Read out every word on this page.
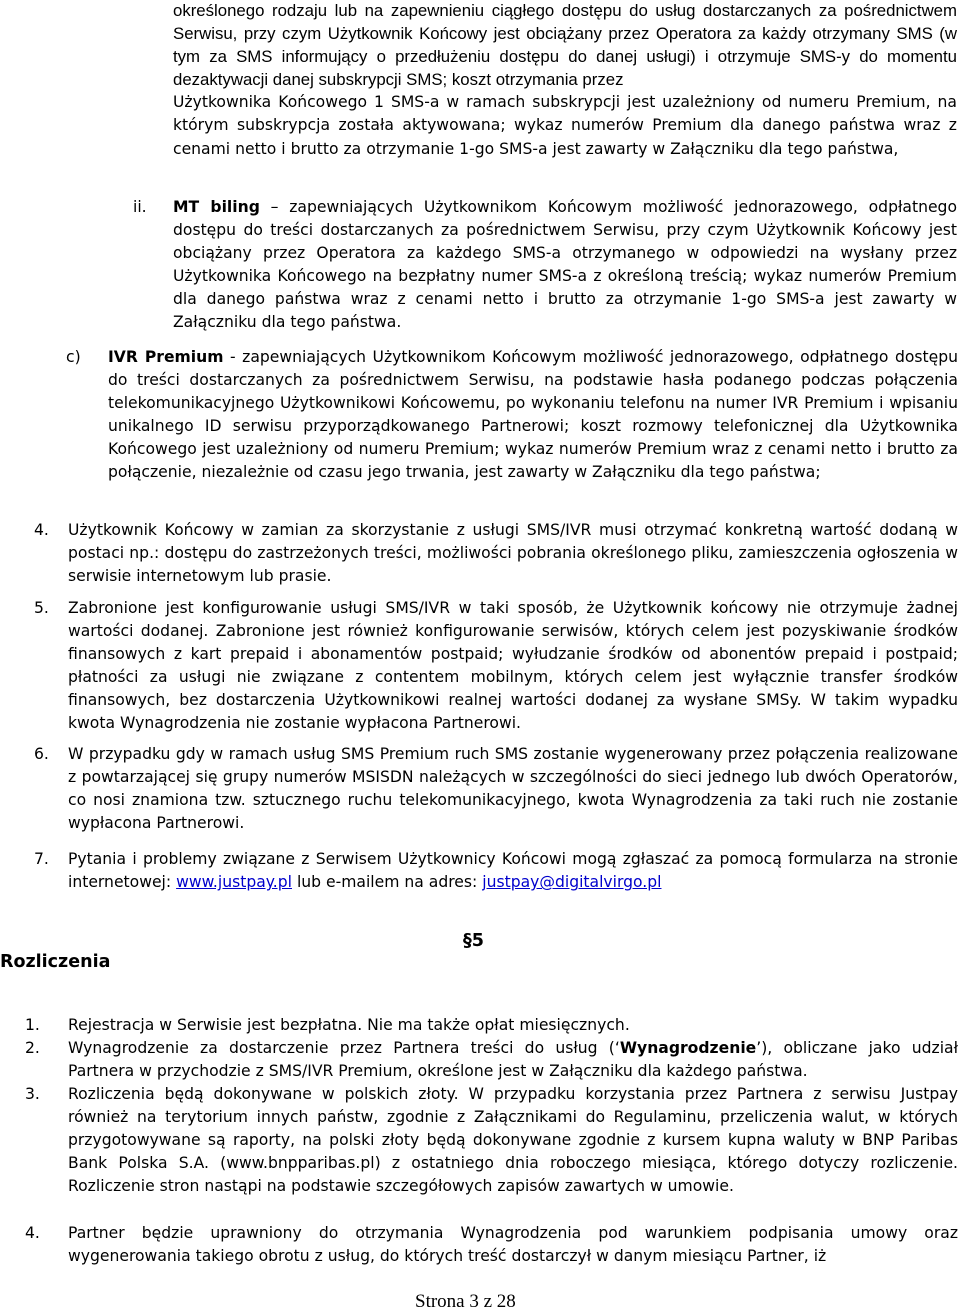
określonego rodzaju lub na zapewnieniu ciągłego dostępu do usług dostarczanych za pośrednictwem Serwisu, przy czym Użytkownik Końcowy jest obciążany przez Operatora za każdy otrzymany SMS (w tym za SMS informujący o przedłużeniu dostępu do danej usługi) i otrzymuje SMS-y do momentu dezaktywacji danej subskrypcji SMS; koszt otrzymania przez

Użytkownika Końcowego 1 SMS-a w ramach subskrypcji jest uzależniony od numeru Premium, na którym subskrypcja została aktywowana; wykaz numerów Premium dla danego państwa wraz z cenami netto i brutto za otrzymanie 1-go SMS-a jest zawarty w Załączniku dla tego państwa,

ii. MT biling – zapewniających Użytkownikom Końcowym możliwość jednorazowego, odpłatnego dostępu do treści dostarczanych za pośrednictwem Serwisu, przy czym Użytkownik Końcowy jest obciążany przez Operatora za każdego SMS-a otrzymanego w odpowiedzi na wysłany przez Użytkownika Końcowego na bezpłatny numer SMS-a z określoną treścią; wykaz numerów Premium dla danego państwa wraz z cenami netto i brutto za otrzymanie 1-go SMS-a jest zawarty w Załączniku dla tego państwa.

c) IVR Premium - zapewniających Użytkownikom Końcowym możliwość jednorazowego, odpłatnego dostępu do treści dostarczanych za pośrednictwem Serwisu, na podstawie hasła podanego podczas połączenia telekomunikacyjnego Użytkownikowi Końcowemu, po wykonaniu telefonu na numer IVR Premium i wpisaniu unikalnego ID serwisu przyporządkowanego Partnerowi; koszt rozmowy telefonicznej dla Użytkownika Końcowego jest uzależniony od numeru Premium; wykaz numerów Premium wraz z cenami netto i brutto za połączenie, niezależnie od czasu jego trwania, jest zawarty w Załączniku dla tego państwa;

4. Użytkownik Końcowy w zamian za skorzystanie z usługi SMS/IVR musi otrzymać konkretną wartość dodaną w postaci np.: dostępu do zastrzeżonych treści, możliwości pobrania określonego pliku, zamieszczenia ogłoszenia w serwisie internetowym lub prasie.

5. Zabronione jest konfigurowanie usługi SMS/IVR w taki sposób, że Użytkownik końcowy nie otrzymuje żadnej wartości dodanej. Zabronione jest również konfigurowanie serwisów, których celem jest pozyskiwanie środków finansowych z kart prepaid i abonamentów postpaid; wyłudzanie środków od abonentów prepaid i postpaid; płatności za usługi nie związane z contentem mobilnym, których celem jest wyłącznie transfer środków finansowych, bez dostarczenia Użytkownikowi realnej wartości dodanej za wysłane SMSy. W takim wypadku kwota Wynagrodzenia nie zostanie wypłacona Partnerowi.

6. W przypadku gdy w ramach usług SMS Premium ruch SMS zostanie wygenerowany przez połączenia realizowane z powtarzającej się grupy numerów MSISDN należących w szczególności do sieci jednego lub dwóch Operatorów, co nosi znamiona tzw. sztucznego ruchu telekomunikacyjnego, kwota Wynagrodzenia za taki ruch nie zostanie wypłacona Partnerowi.

7. Pytania i problemy związane z Serwisem Użytkownicy Końcowi mogą zgłaszać za pomocą formularza na stronie internetowej: www.justpay.pl lub e-mailem na adres: justpay@digitalvirgo.pl

§5
Rozliczenia
1. Rejestracja w Serwisie jest bezpłatna. Nie ma także opłat miesięcznych.

2. Wynagrodzenie za dostarczenie przez Partnera treści do usług (‘Wynagrodzenie’), obliczane jako udział Partnera w przychodzie z SMS/IVR Premium, określone jest w Załączniku dla każdego państwa.

3. Rozliczenia będą dokonywane w polskich złoty. W przypadku korzystania przez Partnera z serwisu Justpay również na terytorium innych państw, zgodnie z Załącznikami do Regulaminu, przeliczenia walut, w których przygotowywane są raporty, na polski złoty będą dokonywane zgodnie z kursem kupna waluty w BNP Paribas Bank Polska S.A. (www.bnpparibas.pl) z ostatniego dnia roboczego miesiąca, którego dotyczy rozliczenie. Rozliczenie stron nastąpi na podstawie szczegółowych zapisów zawartych w umowie.

4. Partner będzie uprawniony do otrzymania Wynagrodzenia pod warunkiem podpisania umowy oraz wygenerowania takiego obrotu z usług, do których treść dostarczył w danym miesiącu Partner, iż

Strona 3 z 28
